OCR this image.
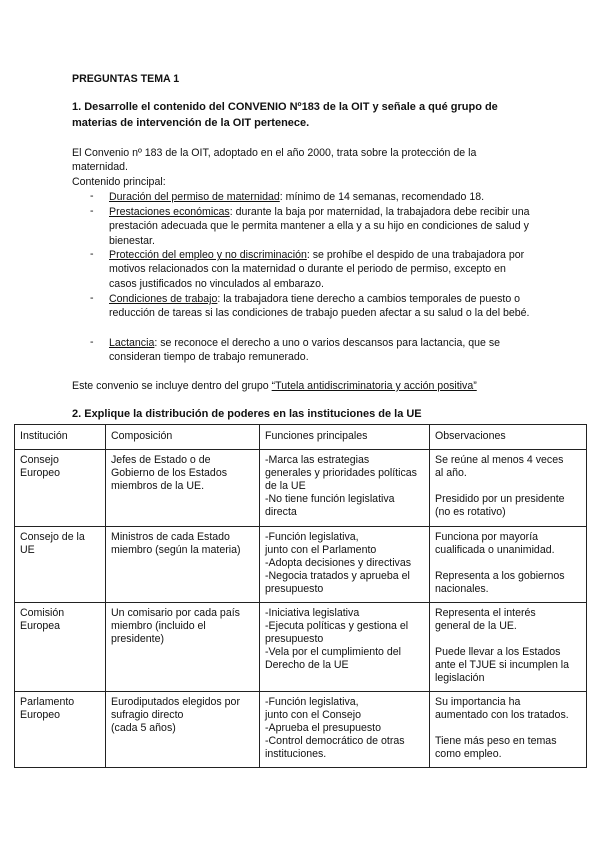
PREGUNTAS TEMA 1
1. Desarrolle el contenido del CONVENIO Nº183 de la OIT y señale a qué grupo de
materias de intervención de la OIT pertenece.
El Convenio nº 183 de la OIT, adoptado en el año 2000, trata sobre la protección de la
maternidad.
Contenido principal:
- Duración del permiso de maternidad: mínimo de 14 semanas, recomendado 18.
- Prestaciones económicas: durante la baja por maternidad, la trabajadora debe recibir una prestación adecuada que le permita mantener a ella y a su hijo en condiciones de salud y bienestar.
- Protección del empleo y no discriminación: se prohíbe el despido de una trabajadora por motivos relacionados con la maternidad o durante el periodo de permiso, excepto en casos justificados no vinculados al embarazo.
- Condiciones de trabajo: la trabajadora tiene derecho a cambios temporales de puesto o reducción de tareas si las condiciones de trabajo pueden afectar a su salud o la del bebé.
- Lactancia: se reconoce el derecho a uno o varios descansos para lactancia, que se consideran tiempo de trabajo remunerado.
Este convenio se incluye dentro del grupo “Tutela antidiscriminatoria y acción positiva”
2. Explique la distribución de poderes en las instituciones de la UE
Institución	Composición	Funciones principales	Observaciones

Consejo
Europeo	Jefes de Estado o de
Gobierno de los Estados
miembros de la UE.	-Marca las estrategias
generales y prioridades políticas
de la UE
-No tiene función legislativa
directa	Se reúne al menos 4 veces
al año.
Presidido por un presidente
(no es rotativo)

Consejo de la
UE	Ministros de cada Estado
miembro (según la materia)	-Función legislativa,
junto con el Parlamento
-Adopta decisiones y directivas
-Negocia tratados y aprueba el
presupuesto	Funciona por mayoría
cualificada o unanimidad.
Representa a los gobiernos
nacionales.

Comisión
Europea	Un comisario por cada país
miembro (incluido el
presidente)	-Iniciativa legislativa
-Ejecuta políticas y gestiona el
presupuesto
-Vela por el cumplimiento del
Derecho de la UE	Representa el interés
general de la UE.
Puede llevar a los Estados
ante el TJUE si incumplen la
legislación

Parlamento
Europeo	Eurodiputados elegidos por
sufragio directo
(cada 5 años)	-Función legislativa,
junto con el Consejo
-Aprueba el presupuesto
-Control democrático de otras
instituciones.	Su importancia ha
aumentado con los tratados.
Tiene más peso en temas
como empleo.
